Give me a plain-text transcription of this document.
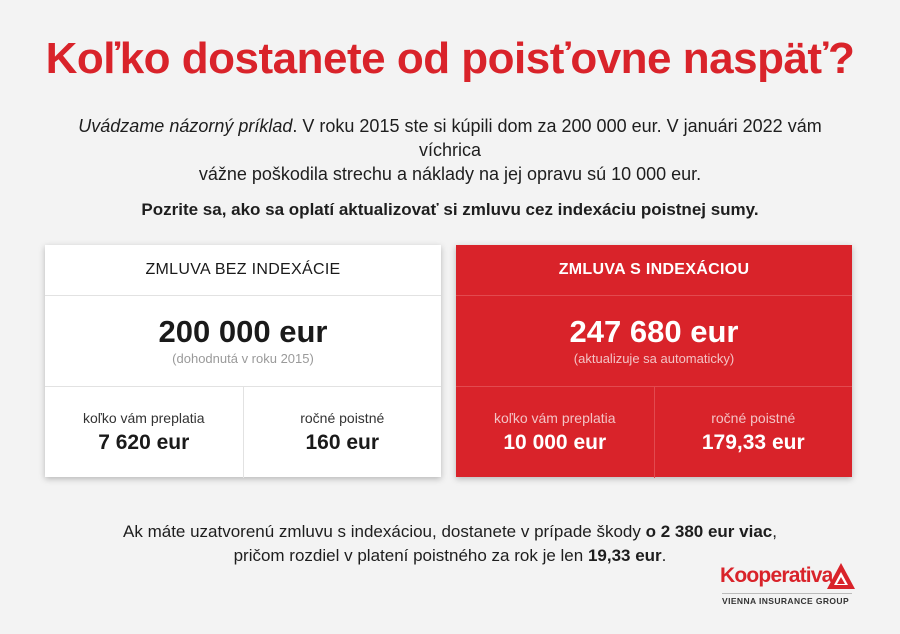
Koľko dostanete od poisťovne naspäť?
Uvádzame názorný príklad. V roku 2015 ste si kúpili dom za 200 000 eur. V januári 2022 vám víchrica
vážne poškodila strechu a náklady na jej opravu sú 10 000 eur.
Pozrite sa, ako sa oplatí aktualizovať si zmluvu cez indexáciu poistnej sumy.
ZMLUVA BEZ INDEXÁCIE
200 000 eur
(dohodnutá v roku 2015)
koľko vám preplatia
7 620 eur
ročné poistné
160 eur
ZMLUVA S INDEXÁCIOU
247 680 eur
(aktualizuje sa automaticky)
koľko vám preplatia
10 000 eur
ročné poistné
179,33 eur
Ak máte uzatvorenú zmluvu s indexáciou, dostanete v prípade škody o 2 380 eur viac,
pričom rozdiel v platení poistného za rok je len 19,33 eur.
Kooperativa
VIENNA INSURANCE GROUP
